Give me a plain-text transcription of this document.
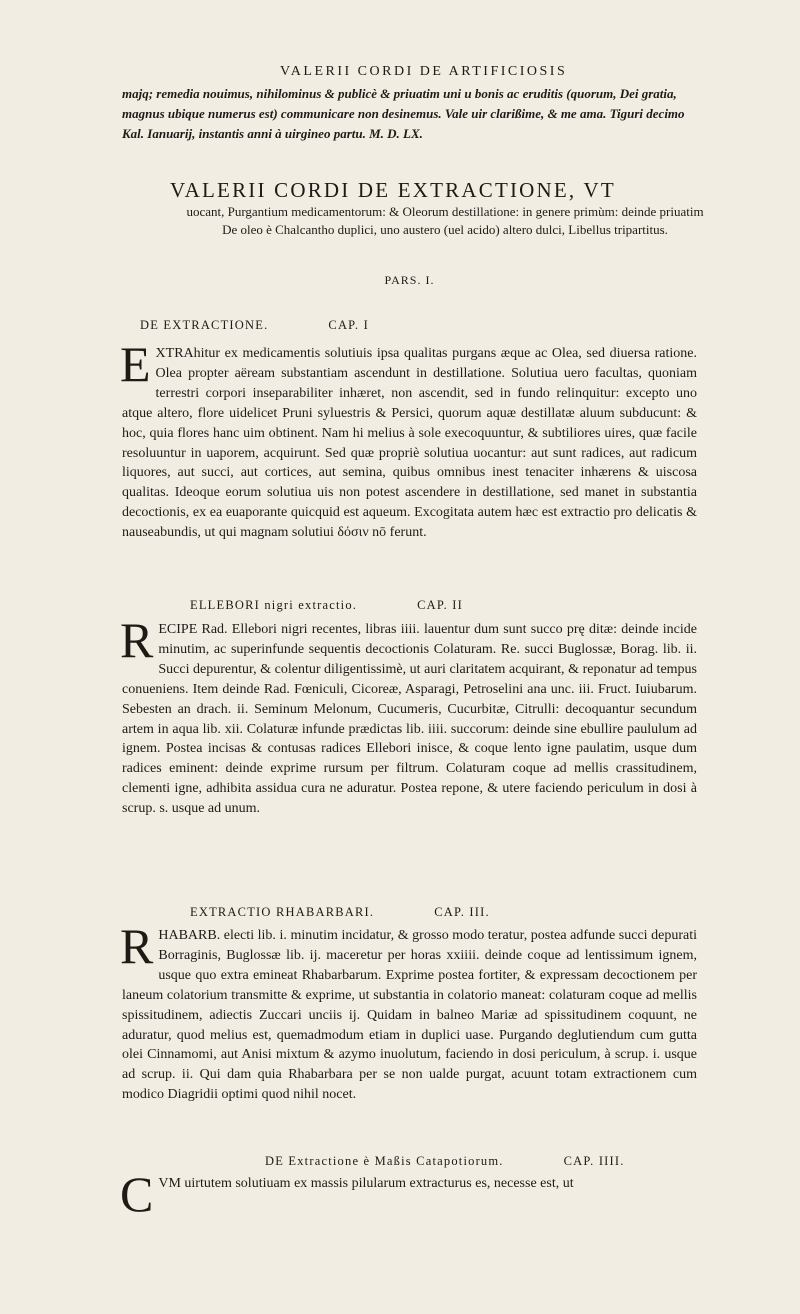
VALERII CORDI DE ARTIFICIOSIS
majq; remedia nouimus, nihilominus & publicè & priuatim uni u bonis ac eruditis (quorum, Dei gratia, magnus ubique numerus est) communicare non desinemus. Vale uir clarißime, & me ama. Tiguri decimo Kal. Ianuarij, instantis anni à uirgineo partu. M. D. LX.
VALERII CORDI DE EXTRACTIONE, VT
uocant, Purgantium medicamentorum: & Oleorum destillatione: in genere primùm: deinde priuatim De oleo è Chalcantho duplici, uno austero (uel acido) altero dulci, Libellus tripartitus.
PARS. I.
DE EXTRACTIONE.	CAP. I
E XTRAhitur ex medicamentis solutiuis ipsa qualitas purgans æque ac Olea, sed diuersa ratione. Olea propter aëream substantiam ascendunt in destillatione. Solutiua uero facultas, quoniam terrestri corpori inseparabiliter inhæret, non ascendit, sed in fundo relinquitur: excepto uno atque altero, flore uidelicet Pruni syluestris & Persici, quorum aquæ destillatæ aluum subducunt: & hoc, quia flores hanc uim obtinent. Nam hi melius à sole execoquuntur, & subtiliores uires, quæ facile resoluuntur in uaporem, acquirunt. Sed quæ propriè solutiua uocantur: aut sunt radices, aut radicum liquores, aut succi, aut cortices, aut semina, quibus omnibus inest tenaciter inhærens & uiscosa qualitas. Ideoque eorum solutiua uis non potest ascendere in destillatione, sed manet in substantia decoctionis, ex ea euaporante quicquid est aqueum. Excogitata autem hæc est extractio pro delicatis & nauseabundis, ut qui magnam solutiui δόσιν nō ferunt.
ELLEBORI nigri extractio.	CAP. II
RECIPE Rad. Ellebori nigri recentes, libras iiii. lauentur dum sunt succo prę ditæ: deinde incide minutim, ac superinfunde sequentis decoctionis Colaturam. Re. succi Buglossæ, Borag. lib. ii. Succi depurentur, & colentur diligentissimè, ut auri claritatem acquirant, & reponatur ad tempus conueniens. Item deinde Rad. Fœniculi, Cicoreæ, Asparagi, Petroselini ana unc. iii. Fruct. Iuiubarum. Sebesten an drach. ii. Seminum Melonum, Cucumeris, Cucurbitæ, Citrulli: decoquantur secundum artem in aqua lib. xii. Colaturæ infunde prædictas lib. iiii. succorum: deinde sine ebullire paululum ad ignem. Postea incisas & contusas radices Ellebori inisce, & coque lento igne paulatim, usque dum radices eminent: deinde exprime rursum per filtrum. Colaturam coque ad mellis crassitudinem, clementi igne, adhibita assidua cura ne aduratur. Postea repone, & utere faciendo periculum in dosi à scrup. s. usque ad unum.
EXTRACTIO RHABARBARI.	CAP. III.
RHABARB. electi lib. i. minutim incidatur, & grosso modo teratur, postea adfunde succi depurati Borraginis, Buglossæ lib. ij. maceretur per horas xxiiii. deinde coque ad lentissimum ignem, usque quo extra emineat Rhabarbarum. Exprime postea fortiter, & expressam decoctionem per laneum colatorium transmitte & exprime, ut substantia in colatorio maneat: colaturam coque ad mellis spissitudinem, adiectis Zuccari unciis ij. Quidam in balneo Mariæ ad spissitudinem coquunt, ne aduratur, quod melius est, quemadmodum etiam in duplici uase. Purgando deglutiendum cum gutta olei Cinnamomi, aut Anisi mixtum & azymo inuolutum, faciendo in dosi periculum, à scrup. i. usque ad scrup. ii. Qui dam quia Rhabarbara per se non ualde purgat, acuunt totam extractionem cum modico Diagridii optimi quod nihil nocet.
DE Extractione è Maßis Catapotiorum.	CAP. IIII.
CVM uirtutem solutiuam ex massis pilularum extracturus es, necesse est, ut
